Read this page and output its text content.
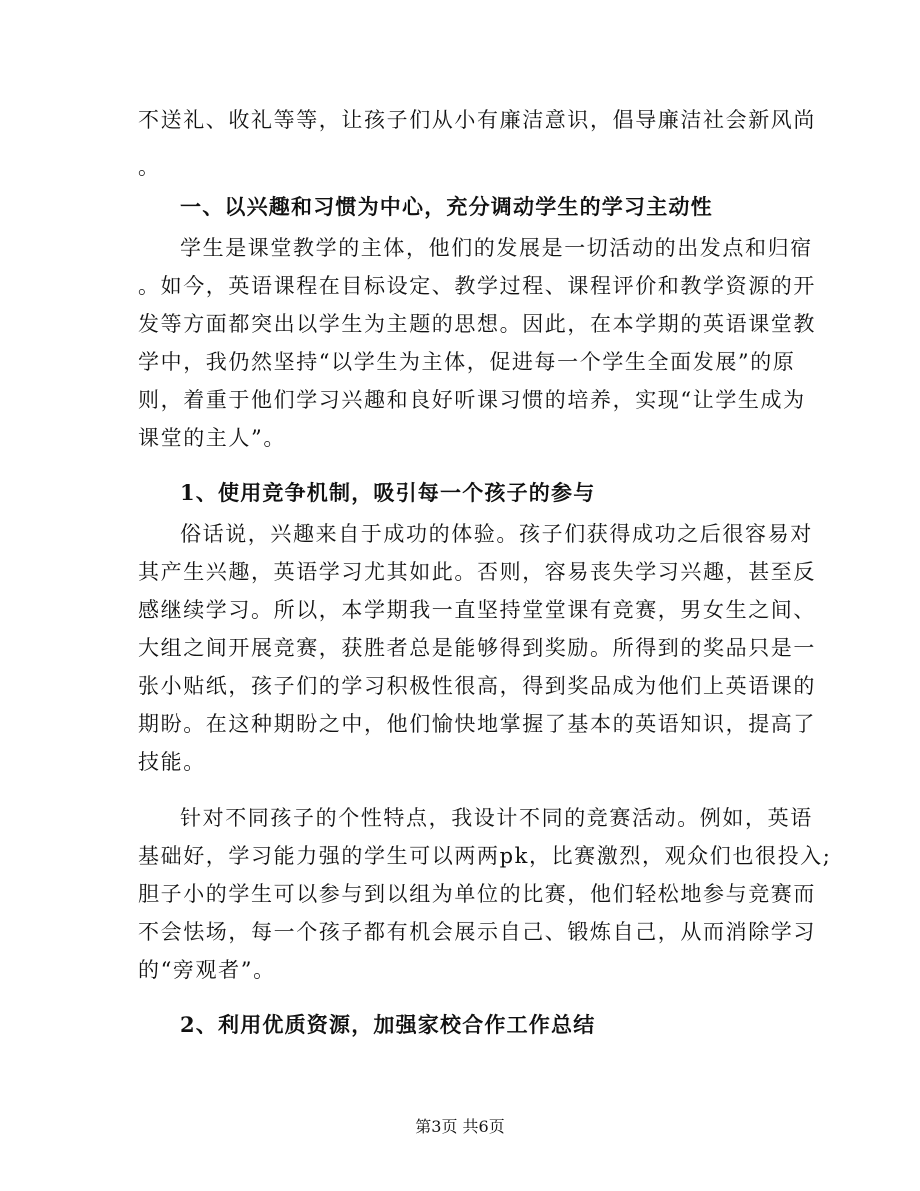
不送礼、收礼等等，让孩子们从小有廉洁意识，倡导廉洁社会新风尚
。
一、以兴趣和习惯为中心，充分调动学生的学习主动性
学生是课堂教学的主体，他们的发展是一切活动的出发点和归宿
。如今，英语课程在目标设定、教学过程、课程评价和教学资源的开
发等方面都突出以学生为主题的思想。因此，在本学期的英语课堂教
学中，我仍然坚持“以学生为主体，促进每一个学生全面发展”的原
则，着重于他们学习兴趣和良好听课习惯的培养，实现“让学生成为
课堂的主人”。
1、使用竞争机制，吸引每一个孩子的参与
俗话说，兴趣来自于成功的体验。孩子们获得成功之后很容易对
其产生兴趣，英语学习尤其如此。否则，容易丧失学习兴趣，甚至反
感继续学习。所以，本学期我一直坚持堂堂课有竞赛，男女生之间、
大组之间开展竞赛，获胜者总是能够得到奖励。所得到的奖品只是一
张小贴纸，孩子们的学习积极性很高，得到奖品成为他们上英语课的
期盼。在这种期盼之中，他们愉快地掌握了基本的英语知识，提高了
技能。
针对不同孩子的个性特点，我设计不同的竞赛活动。例如，英语
基础好，学习能力强的学生可以两两pk，比赛激烈，观众们也很投入;
胆子小的学生可以参与到以组为单位的比赛，他们轻松地参与竞赛而
不会怯场，每一个孩子都有机会展示自己、锻炼自己，从而消除学习
的“旁观者”。
2、利用优质资源，加强家校合作工作总结
第3页 共6页
